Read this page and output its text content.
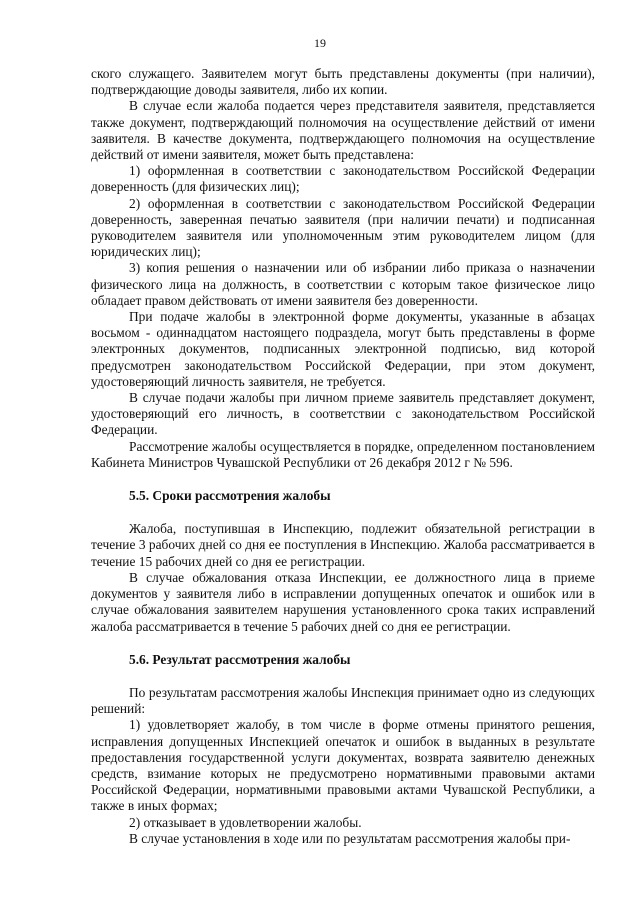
19

ского служащего. Заявителем могут быть представлены документы (при наличии), подтверждающие доводы заявителя, либо их копии.

В случае если жалоба подается через представителя заявителя, представляется также документ, подтверждающий полномочия на осуществление действий от имени заявителя. В качестве документа, подтверждающего полномочия на осуществление действий от имени заявителя, может быть представлена:

1) оформленная в соответствии с законодательством Российской Федерации доверенность (для физических лиц);

2) оформленная в соответствии с законодательством Российской Федерации доверенность, заверенная печатью заявителя (при наличии печати) и подписанная руководителем заявителя или уполномоченным этим руководителем лицом (для юридических лиц);

3) копия решения о назначении или об избрании либо приказа о назначении физического лица на должность, в соответствии с которым такое физическое лицо обладает правом действовать от имени заявителя без доверенности.

При подаче жалобы в электронной форме документы, указанные в абзацах восьмом - одиннадцатом настоящего подраздела, могут быть представлены в форме электронных документов, подписанных электронной подписью, вид которой предусмотрен законодательством Российской Федерации, при этом документ, удостоверяющий личность заявителя, не требуется.

В случае подачи жалобы при личном приеме заявитель представляет документ, удостоверяющий его личность, в соответствии с законодательством Российской Федерации.

Рассмотрение жалобы осуществляется в порядке, определенном постановлением Кабинета Министров Чувашской Республики от 26 декабря 2012 г № 596.

5.5. Сроки рассмотрения жалобы

Жалоба, поступившая в Инспекцию, подлежит обязательной регистрации в течение 3 рабочих дней со дня ее поступления в Инспекцию. Жалоба рассматривается в течение 15 рабочих дней со дня ее регистрации.

В случае обжалования отказа Инспекции, ее должностного лица в приеме документов у заявителя либо в исправлении допущенных опечаток и ошибок или в случае обжалования заявителем нарушения установленного срока таких исправлений жалоба рассматривается в течение 5 рабочих дней со дня ее регистрации.

5.6. Результат рассмотрения жалобы

По результатам рассмотрения жалобы Инспекция принимает одно из следующих решений:

1) удовлетворяет жалобу, в том числе в форме отмены принятого решения, исправления допущенных Инспекцией опечаток и ошибок в выданных в результате предоставления государственной услуги документах, возврата заявителю денежных средств, взимание которых не предусмотрено нормативными правовыми актами Российской Федерации, нормативными правовыми актами Чувашской Республики, а также в иных формах;

2) отказывает в удовлетворении жалобы.

В случае установления в ходе или по результатам рассмотрения жалобы при-
